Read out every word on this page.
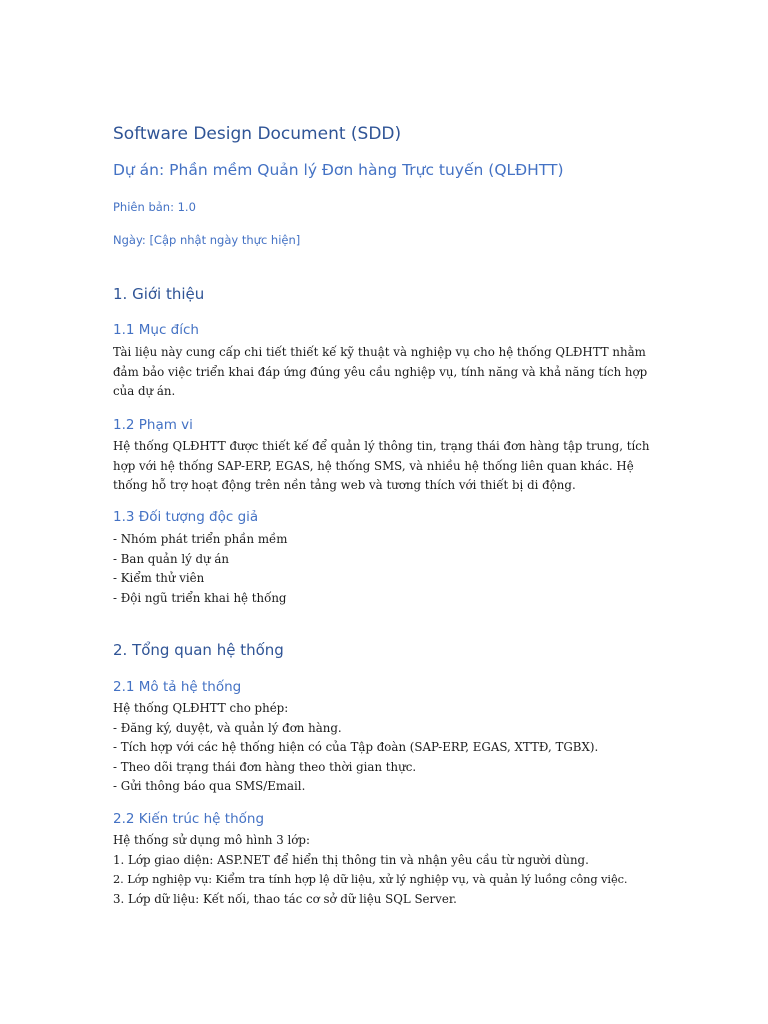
Software Design Document (SDD)
Dự án: Phần mềm Quản lý Đơn hàng Trực tuyến (QLĐHTT)

Phiên bản: 1.0

Ngày: [Cập nhật ngày thực hiện]

1. Giới thiệu
1.1 Mục đích
Tài liệu này cung cấp chi tiết thiết kế kỹ thuật và nghiệp vụ cho hệ thống QLĐHTT nhằm
đảm bảo việc triển khai đáp ứng đúng yêu cầu nghiệp vụ, tính năng và khả năng tích hợp
của dự án.
1.2 Phạm vi
Hệ thống QLĐHTT được thiết kế để quản lý thông tin, trạng thái đơn hàng tập trung, tích
hợp với hệ thống SAP-ERP, EGAS, hệ thống SMS, và nhiều hệ thống liên quan khác. Hệ
thống hỗ trợ hoạt động trên nền tảng web và tương thích với thiết bị di động.
1.3 Đối tượng độc giả
- Nhóm phát triển phần mềm
- Ban quản lý dự án
- Kiểm thử viên
- Đội ngũ triển khai hệ thống
2. Tổng quan hệ thống
2.1 Mô tả hệ thống
Hệ thống QLĐHTT cho phép:
- Đăng ký, duyệt, và quản lý đơn hàng.
- Tích hợp với các hệ thống hiện có của Tập đoàn (SAP-ERP, EGAS, XTTĐ, TGBX).
- Theo dõi trạng thái đơn hàng theo thời gian thực.
- Gửi thông báo qua SMS/Email.
2.2 Kiến trúc hệ thống
Hệ thống sử dụng mô hình 3 lớp:
1. Lớp giao diện: ASP.NET để hiển thị thông tin và nhận yêu cầu từ người dùng.
2. Lớp nghiệp vụ: Kiểm tra tính hợp lệ dữ liệu, xử lý nghiệp vụ, và quản lý luồng công việc.
3. Lớp dữ liệu: Kết nối, thao tác cơ sở dữ liệu SQL Server.
